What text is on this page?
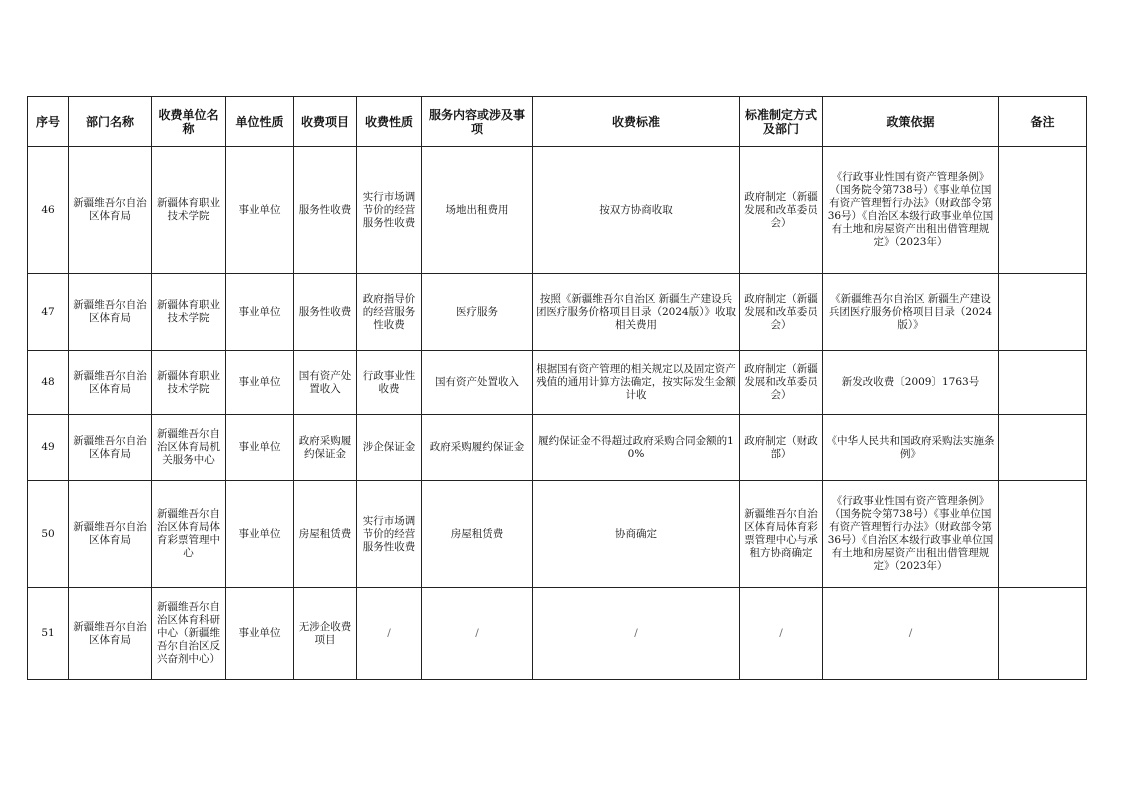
序号	部门名称	收费单位名称	单位性质	收费项目	收费性质	服务内容或涉及事项	收费标准	标准制定方式及部门	政策依据	备注
46	新疆维吾尔自治区体育局	新疆体育职业技术学院	事业单位	服务性收费	实行市场调节价的经营服务性收费	场地出租费用	按双方协商收取	政府制定（新疆发展和改革委员会）	《行政事业性国有资产管理条例》（国务院令第738号）《事业单位国有资产管理暂行办法》（财政部令第36号）《自治区本级行政事业单位国有土地和房屋资产出租出借管理规定》（2023年）	
47	新疆维吾尔自治区体育局	新疆体育职业技术学院	事业单位	服务性收费	政府指导价的经营服务性收费	医疗服务	按照《新疆维吾尔自治区 新疆生产建设兵团医疗服务价格项目目录（2024版）》收取相关费用	政府制定（新疆发展和改革委员会）	《新疆维吾尔自治区 新疆生产建设兵团医疗服务价格项目目录（2024版）》	
48	新疆维吾尔自治区体育局	新疆体育职业技术学院	事业单位	国有资产处置收入	行政事业性收费	国有资产处置收入	根据国有资产管理的相关规定以及固定资产残值的通用计算方法确定，按实际发生金额计收	政府制定（新疆发展和改革委员会）	新发改收费〔2009〕1763号	
49	新疆维吾尔自治区体育局	新疆维吾尔自治区体育局机关服务中心	事业单位	政府采购履约保证金	涉企保证金	政府采购履约保证金	履约保证金不得超过政府采购合同金额的10%	政府制定（财政部）	《中华人民共和国政府采购法实施条例》	
50	新疆维吾尔自治区体育局	新疆维吾尔自治区体育局体育彩票管理中心	事业单位	房屋租赁费	实行市场调节价的经营服务性收费	房屋租赁费	协商确定	新疆维吾尔自治区体育局体育彩票管理中心与承租方协商确定	《行政事业性国有资产管理条例》（国务院令第738号）《事业单位国有资产管理暂行办法》（财政部令第36号）《自治区本级行政事业单位国有土地和房屋资产出租出借管理规定》（2023年）	
51	新疆维吾尔自治区体育局	新疆维吾尔自治区体育科研中心（新疆维吾尔自治区反兴奋剂中心）	事业单位	无涉企收费项目	/	/	/	/	/	
